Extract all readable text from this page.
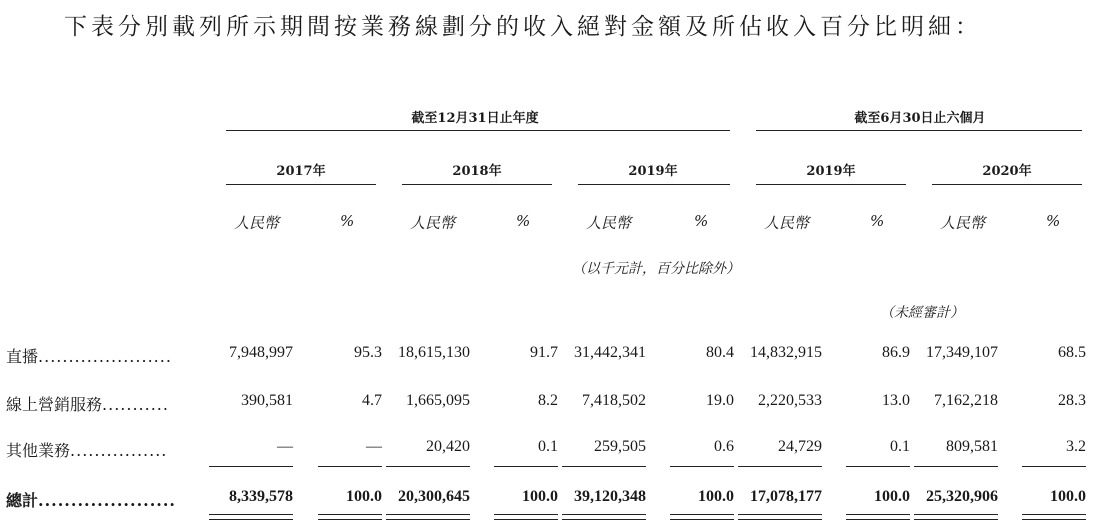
下表分別載列所示期間按業務線劃分的收入絕對金額及所佔收入百分比明細：
截至12月31日止年度	截至6月30日止六個月
2017年	2018年	2019年	2019年	2020年
人民幣	%	人民幣	%	人民幣	%	人民幣	%	人民幣	%
（以千元計，百分比除外）
（未經審計）
直播......................	7,948,997	95.3	18,615,130	91.7	31,442,341	80.4	14,832,915	86.9	17,349,107	68.5
線上營銷服務...........	390,581	4.7	1,665,095	8.2	7,418,502	19.0	2,220,533	13.0	7,162,218	28.3
其他業務................	—	—	20,420	0.1	259,505	0.6	24,729	0.1	809,581	3.2
總計.....................	8,339,578	100.0	20,300,645	100.0	39,120,348	100.0	17,078,177	100.0	25,320,906	100.0
